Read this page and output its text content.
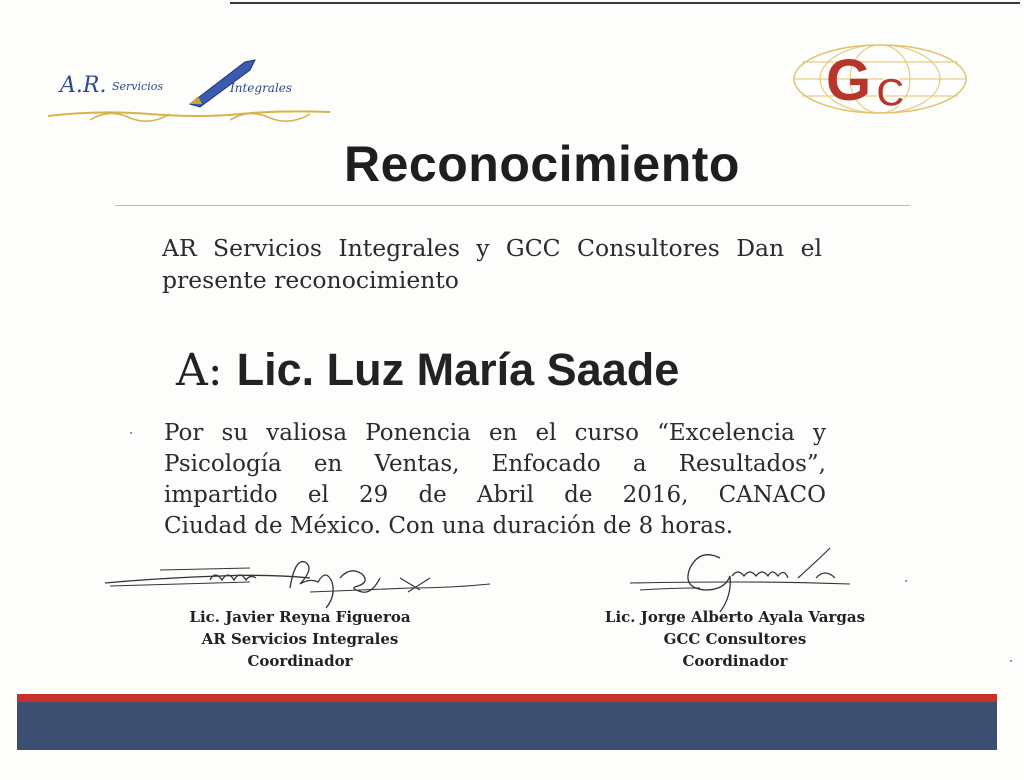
A.R. Servicios	Integrales	G C
Reconocimiento
AR Servicios Integrales y GCC Consultores Dan el presente reconocimiento
A: Lic. Luz María Saade
Por su valiosa Ponencia en el curso “Excelencia y
Psicología en Ventas, Enfocado a Resultados”,
impartido el 29 de Abril de 2016, CANACO
Ciudad de México. Con una duración de 8 horas.
Lic. Javier Reyna Figueroa
AR Servicios Integrales
Coordinador
Lic. Jorge Alberto Ayala Vargas
GCC Consultores
Coordinador
